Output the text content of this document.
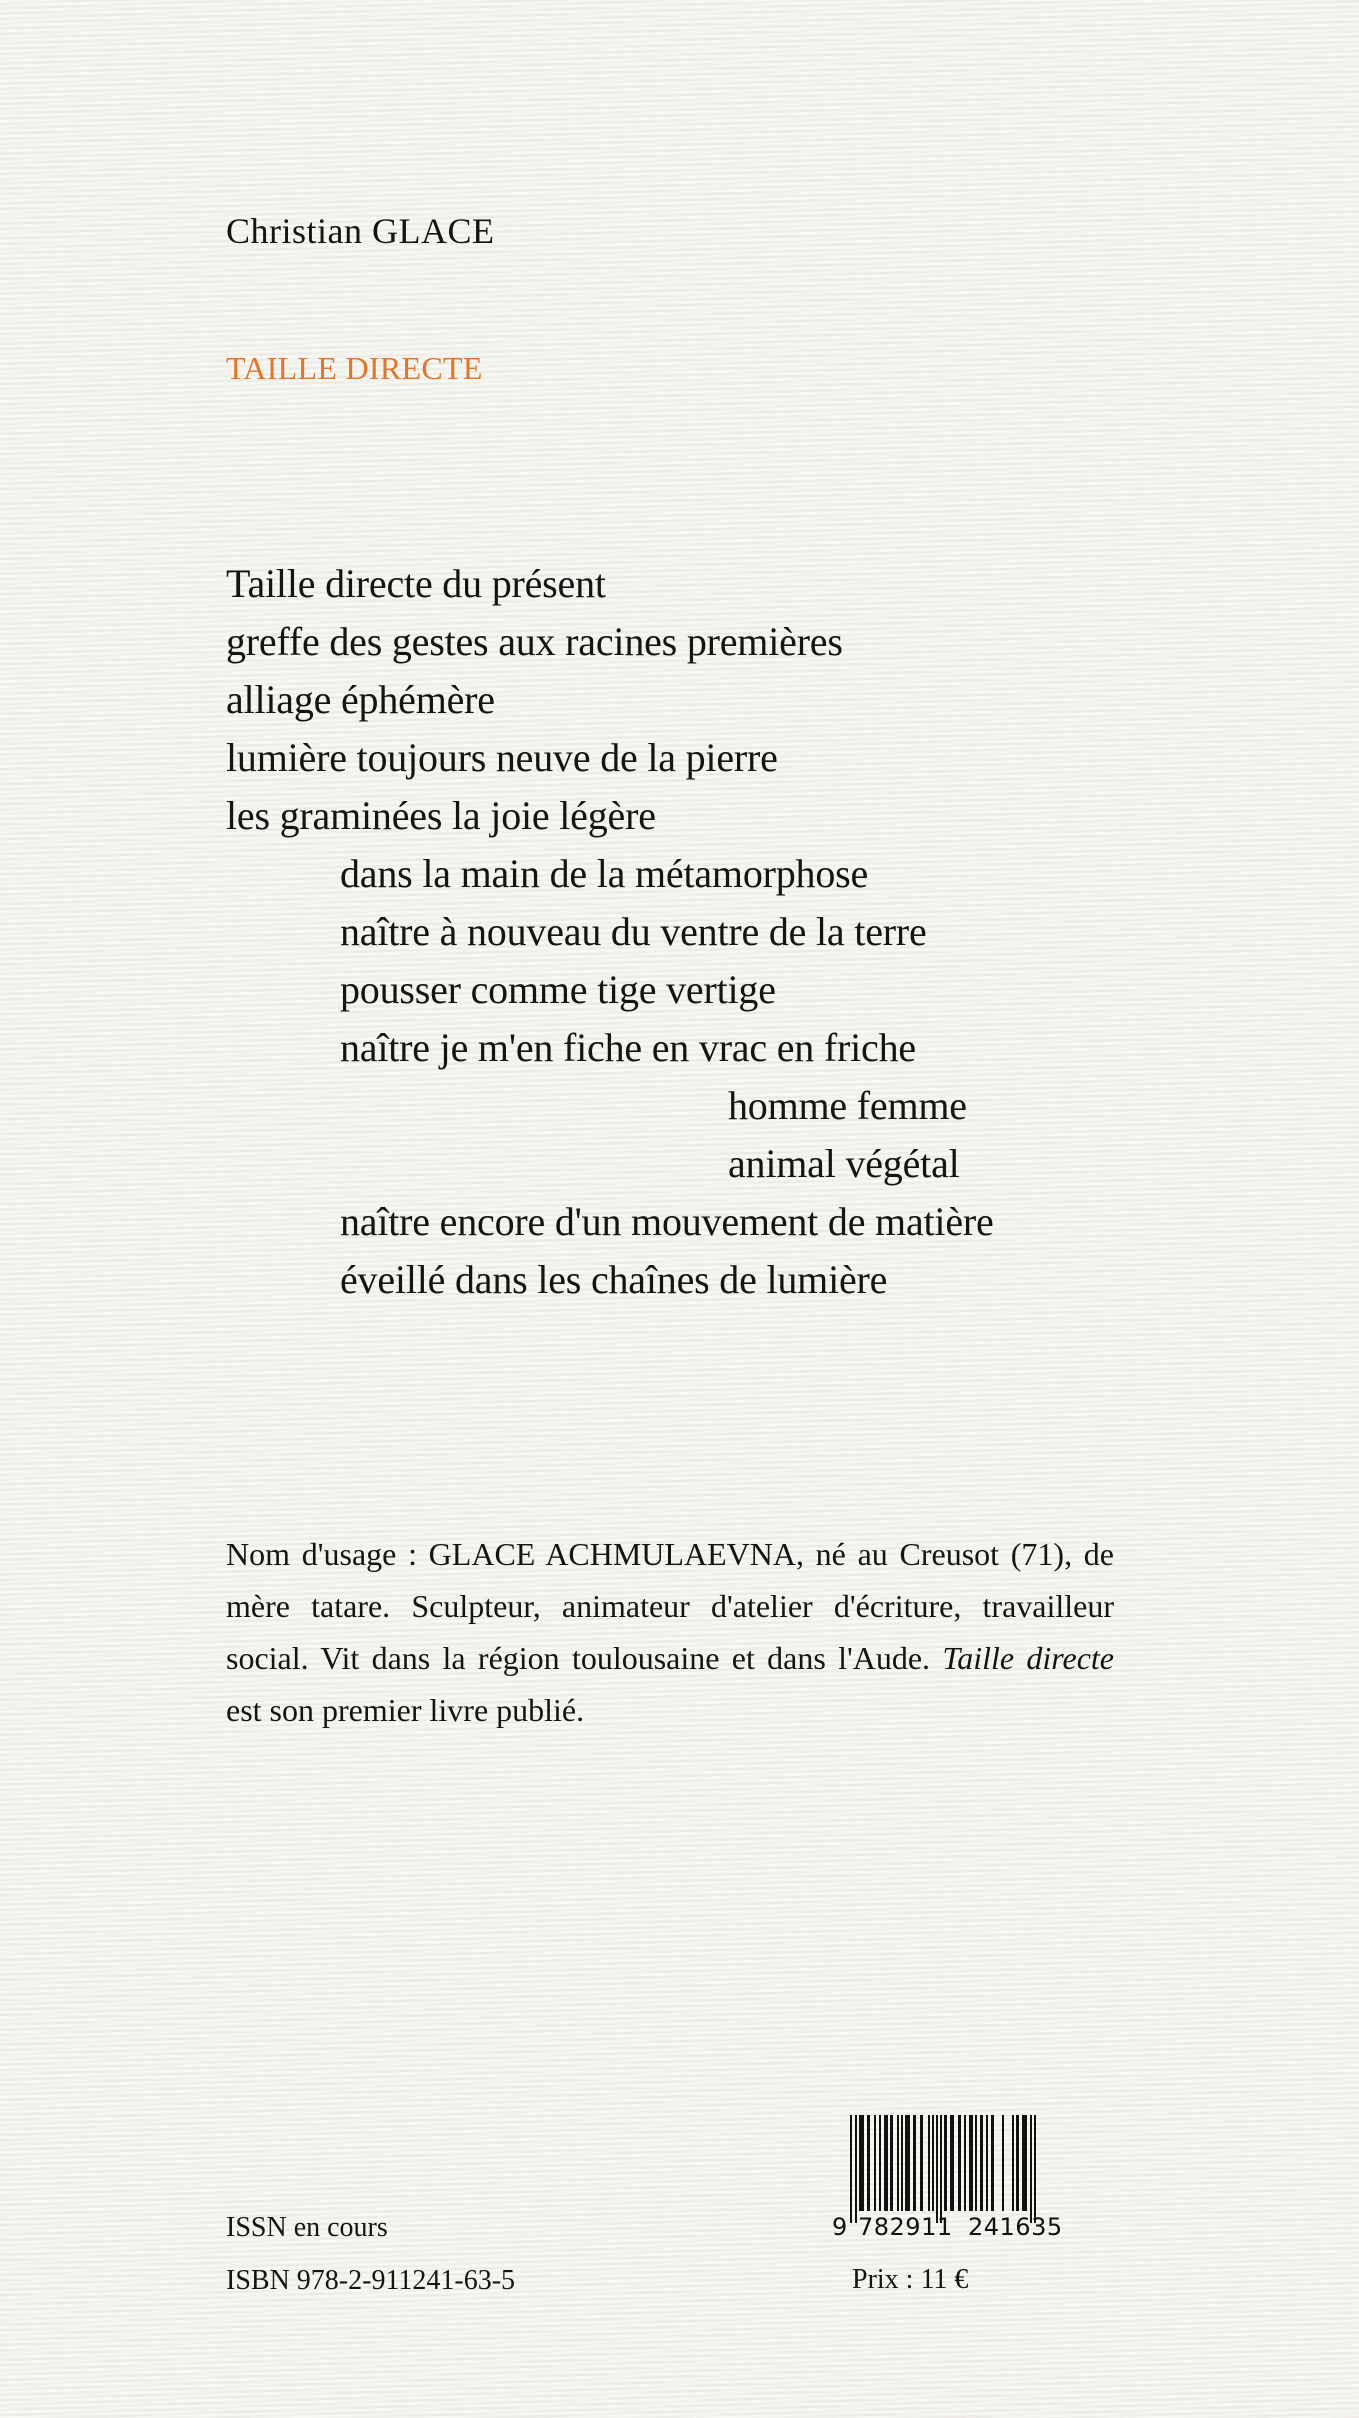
Christian GLACE
TAILLE DIRECTE
Taille directe du présent
greffe des gestes aux racines premières
alliage éphémère
lumière toujours neuve de la pierre
les graminées la joie légère
dans la main de la métamorphose
naître à nouveau du ventre de la terre
pousser comme tige vertige
naître je m'en fiche en vrac en friche
homme femme
animal végétal
naître encore d'un mouvement de matière
éveillé dans les chaînes de lumière
Nom d'usage : GLACE ACHMULAEVNA, né au Creusot (71), de mère tatare. Sculpteur, animateur d'atelier d'écriture, travailleur social. Vit dans la région toulousaine et dans l'Aude. Taille directe est son premier livre publié.
ISSN en cours
ISBN 978-2-911241-63-5
9 782911 241635
Prix : 11 €
